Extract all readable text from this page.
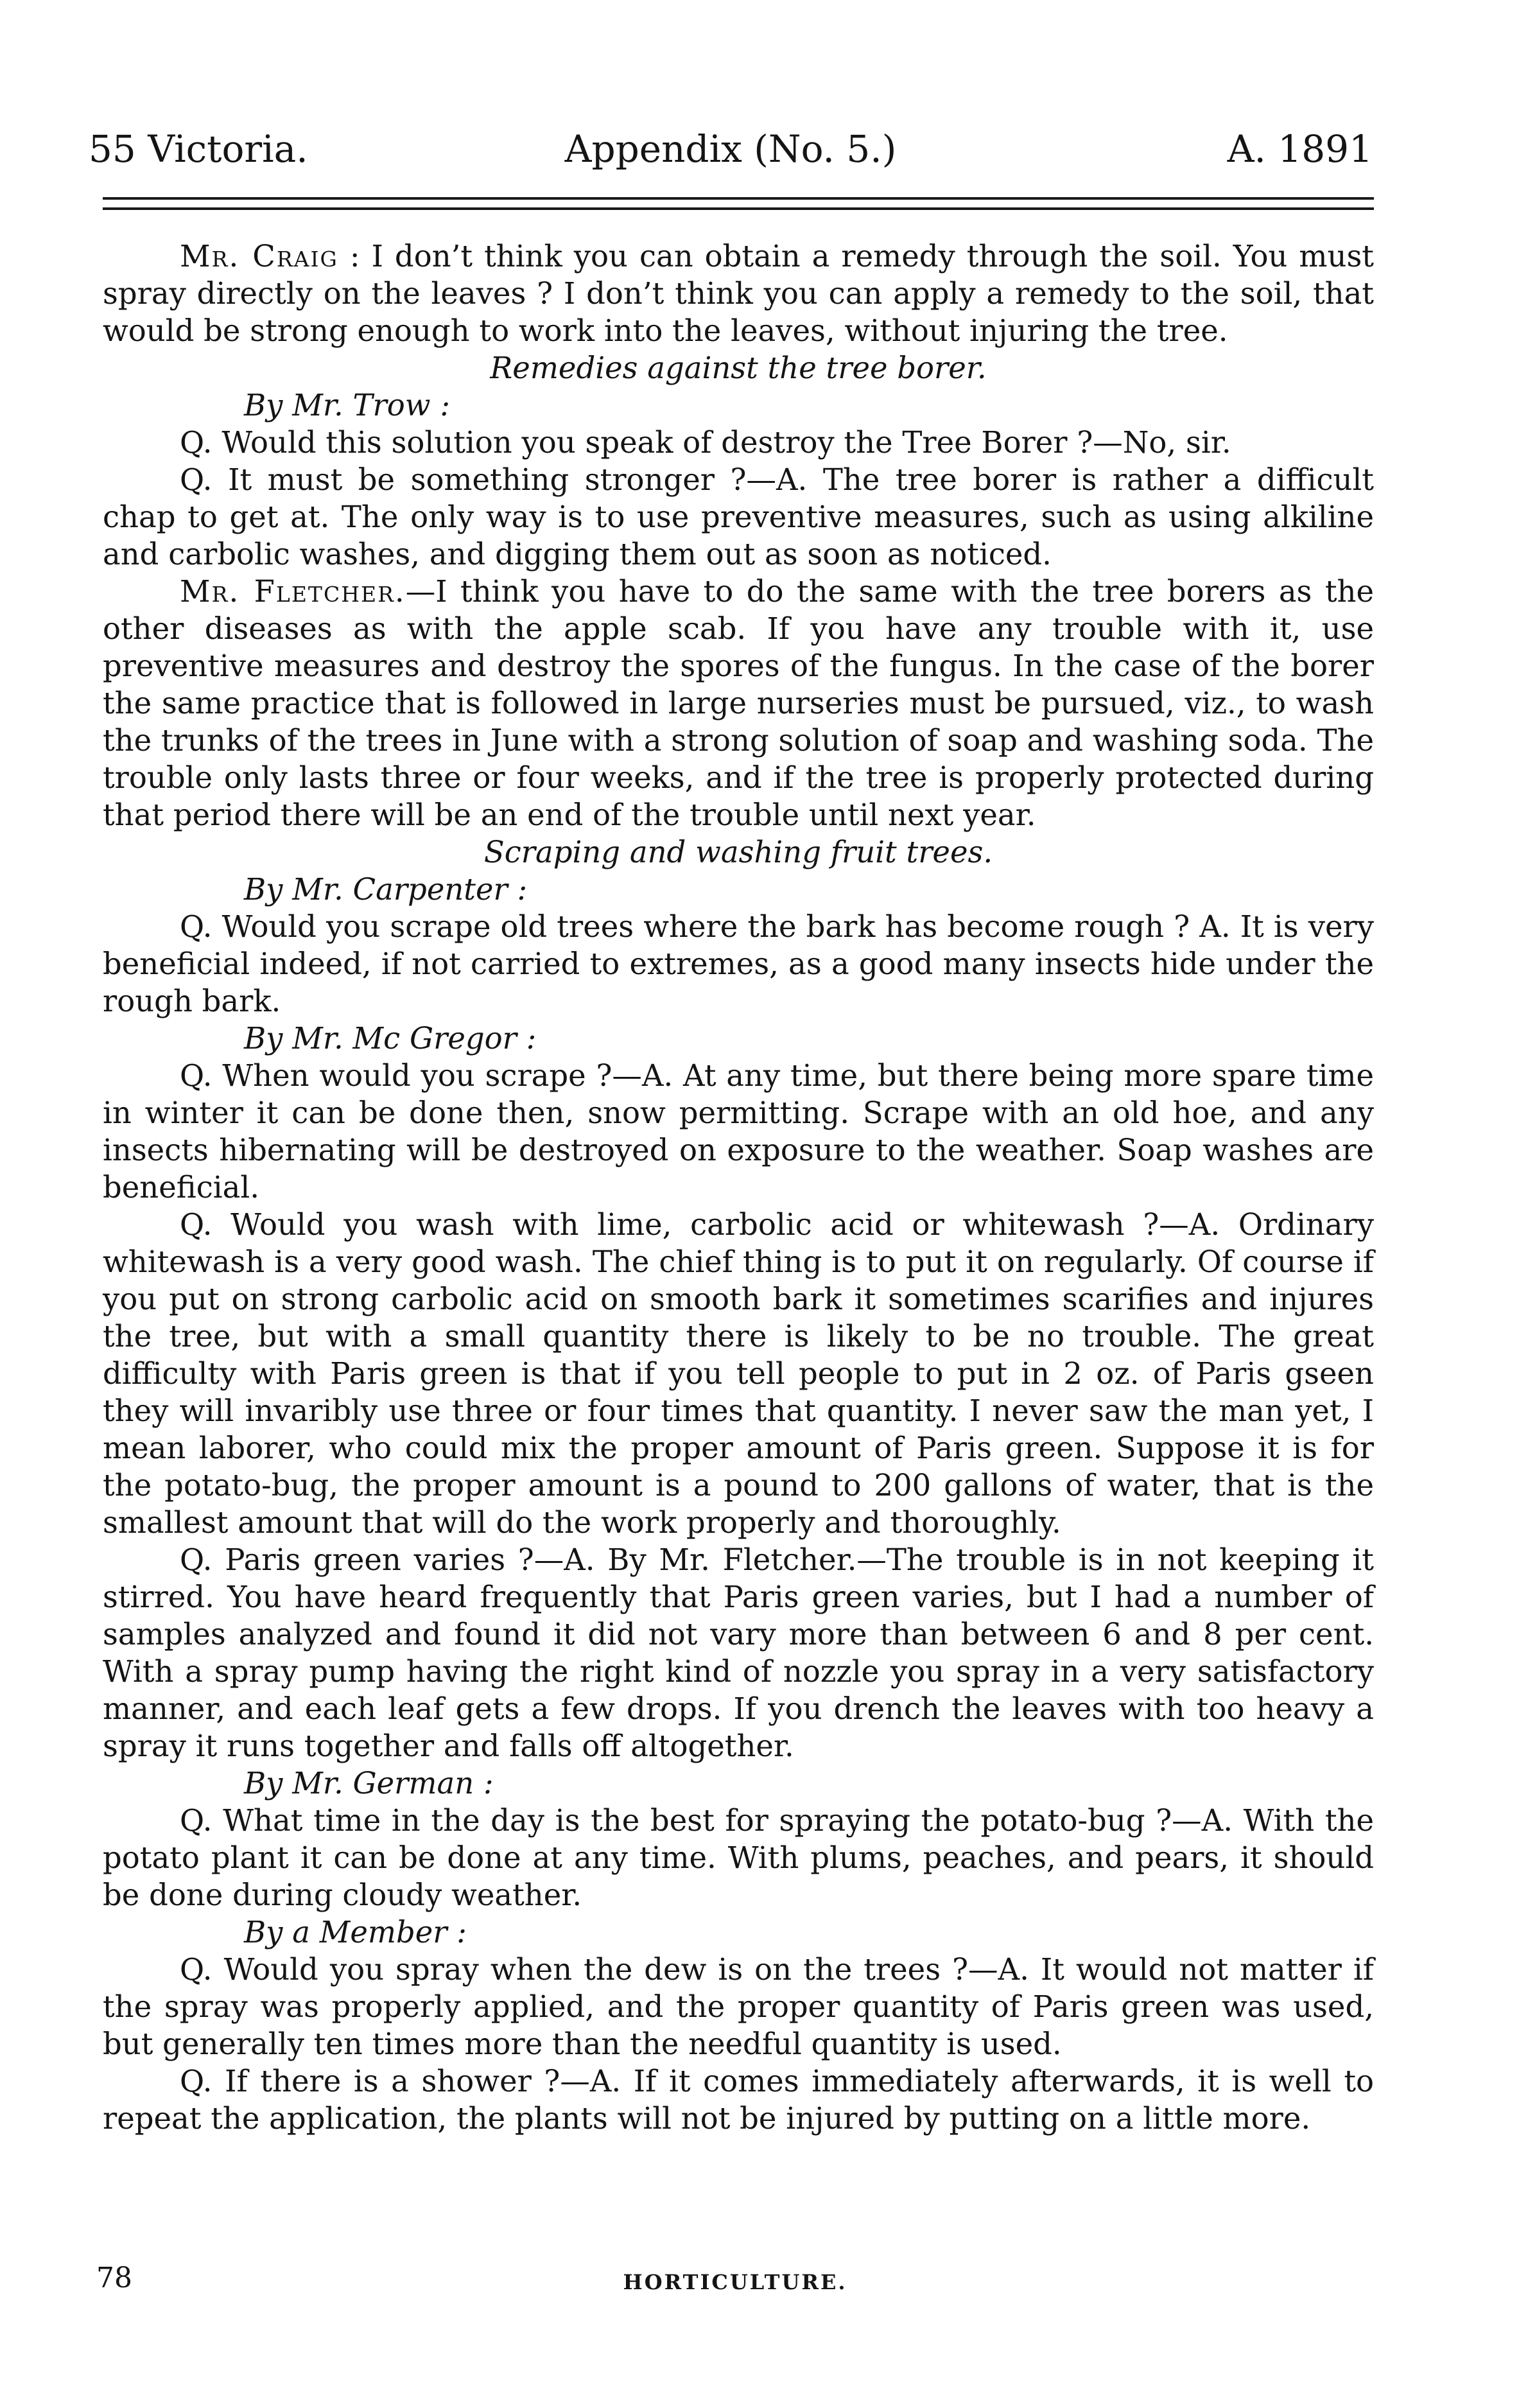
55 Victoria.	Appendix (No. 5.)	A. 1891

Mr. Craig : I don’t think you can obtain a remedy through the soil. You must spray directly on the leaves ? I don’t think you can apply a remedy to the soil, that would be strong enough to work into the leaves, without injuring the tree.

Remedies against the tree borer.

By Mr. Trow :

Q. Would this solution you speak of destroy the Tree Borer ?—No, sir.

Q. It must be something stronger ?—A. The tree borer is rather a difficult chap to get at. The only way is to use preventive measures, such as using alkiline and carbolic washes, and digging them out as soon as noticed.

Mr. Fletcher.—I think you have to do the same with the tree borers as the other diseases as with the apple scab. If you have any trouble with it, use preventive measures and destroy the spores of the fungus. In the case of the borer the same practice that is followed in large nurseries must be pursued, viz., to wash the trunks of the trees in June with a strong solution of soap and washing soda. The trouble only lasts three or four weeks, and if the tree is properly protected during that period there will be an end of the trouble until next year.

Scraping and washing fruit trees.

By Mr. Carpenter :

Q. Would you scrape old trees where the bark has become rough ? A. It is very beneficial indeed, if not carried to extremes, as a good many insects hide under the rough bark.

By Mr. Mc Gregor :

Q. When would you scrape ?—A. At any time, but there being more spare time in winter it can be done then, snow permitting. Scrape with an old hoe, and any insects hibernating will be destroyed on exposure to the weather. Soap washes are beneficial.

Q. Would you wash with lime, carbolic acid or whitewash ?—A. Ordinary whitewash is a very good wash. The chief thing is to put it on regularly. Of course if you put on strong carbolic acid on smooth bark it sometimes scarifies and injures the tree, but with a small quantity there is likely to be no trouble. The great difficulty with Paris green is that if you tell people to put in 2 oz. of Paris gseen they will invaribly use three or four times that quantity. I never saw the man yet, I mean laborer, who could mix the proper amount of Paris green. Suppose it is for the potato-bug, the proper amount is a pound to 200 gallons of water, that is the smallest amount that will do the work properly and thoroughly.

Q. Paris green varies ?—A. By Mr. Fletcher.—The trouble is in not keeping it stirred. You have heard frequently that Paris green varies, but I had a number of samples analyzed and found it did not vary more than between 6 and 8 per cent. With a spray pump having the right kind of nozzle you spray in a very satisfactory manner, and each leaf gets a few drops. If you drench the leaves with too heavy a spray it runs together and falls off altogether.

By Mr. German :

Q. What time in the day is the best for spraying the potato-bug ?—A. With the potato plant it can be done at any time. With plums, peaches, and pears, it should be done during cloudy weather.

By a Member :

Q. Would you spray when the dew is on the trees ?—A. It would not matter if the spray was properly applied, and the proper quantity of Paris green was used, but generally ten times more than the needful quantity is used.

Q. If there is a shower ?—A. If it comes immediately afterwards, it is well to repeat the application, the plants will not be injured by putting on a little more.

78	HORTICULTURE.
